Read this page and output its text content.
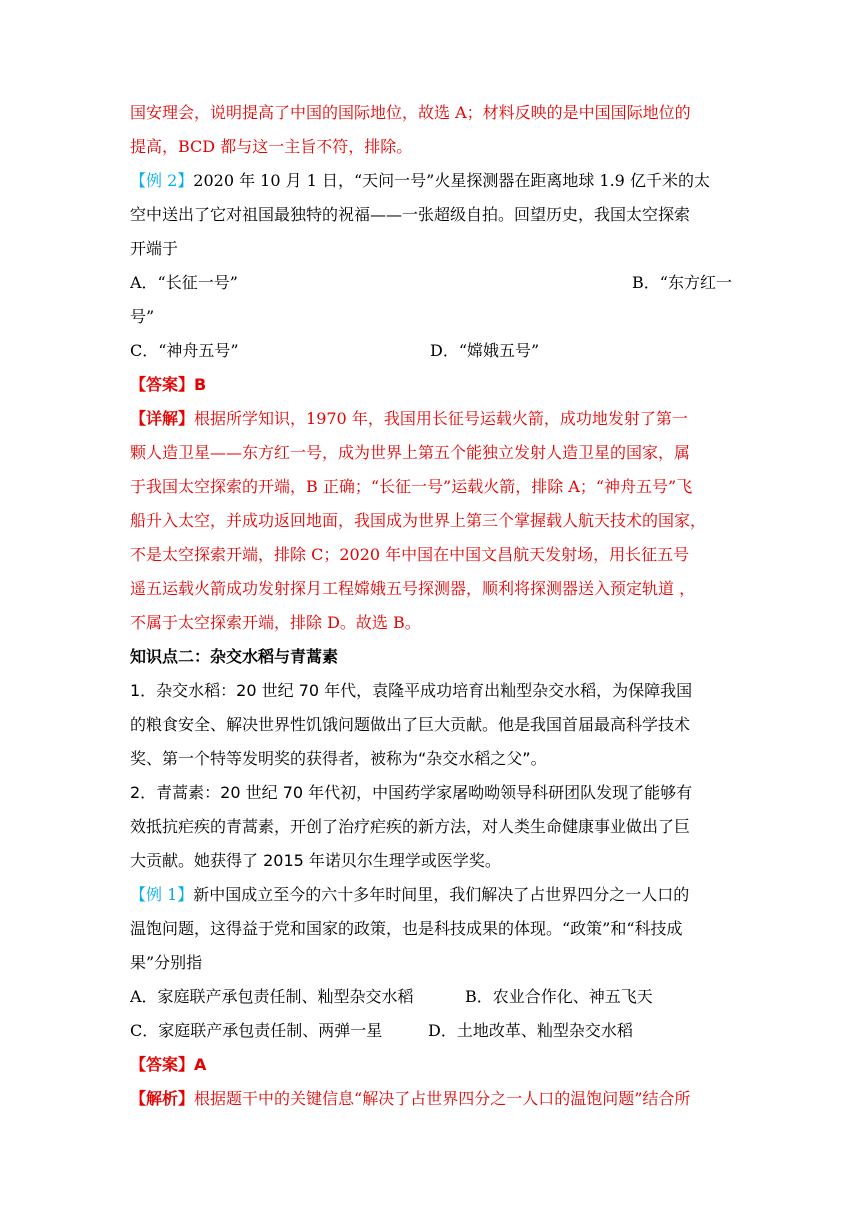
国安理会，说明提高了中国的国际地位，故选 A；材料反映的是中国国际地位的
提高，BCD 都与这一主旨不符，排除。
【例 2】2020 年 10 月 1 日，“天问一号”火星探测器在距离地球 1.9 亿千米的太
空中送出了它对祖国最独特的祝福——一张超级自拍。回望历史，我国太空探索
开端于
A．“长征一号”	B．“东方红一
号”
C．“神舟五号”	D．“嫦娥五号”
【答案】B
【详解】根据所学知识，1970 年，我国用长征号运载火箭，成功地发射了第一
颗人造卫星——东方红一号，成为世界上第五个能独立发射人造卫星的国家，属
于我国太空探索的开端，B 正确；“长征一号”运载火箭，排除 A；“神舟五号”飞
船升入太空，并成功返回地面，我国成为世界上第三个掌握载人航天技术的国家，
不是太空探索开端，排除 C；2020 年中国在中国文昌航天发射场，用长征五号
遥五运载火箭成功发射探月工程嫦娥五号探测器，顺利将探测器送入预定轨道 ，
不属于太空探索开端，排除 D。故选 B。
知识点二：杂交水稻与青蒿素
1．杂交水稻：20 世纪 70 年代，袁隆平成功培育出籼型杂交水稻，为保障我国
的粮食安全、解决世界性饥饿问题做出了巨大贡献。他是我国首届最高科学技术
奖、第一个特等发明奖的获得者，被称为“杂交水稻之父”。
2．青蒿素：20 世纪 70 年代初，中国药学家屠呦呦领导科研团队发现了能够有
效抵抗疟疾的青蒿素，开创了治疗疟疾的新方法，对人类生命健康事业做出了巨
大贡献。她获得了 2015 年诺贝尔生理学或医学奖。
【例 1】新中国成立至今的六十多年时间里，我们解决了占世界四分之一人口的
温饱问题，这得益于党和国家的政策，也是科技成果的体现。“政策”和“科技成
果”分别指
A．家庭联产承包责任制、籼型杂交水稻	B．农业合作化、神五飞天
C．家庭联产承包责任制、两弹一星	D．土地改革、籼型杂交水稻
【答案】A
【解析】根据题干中的关键信息“解决了占世界四分之一人口的温饱问题”结合所
